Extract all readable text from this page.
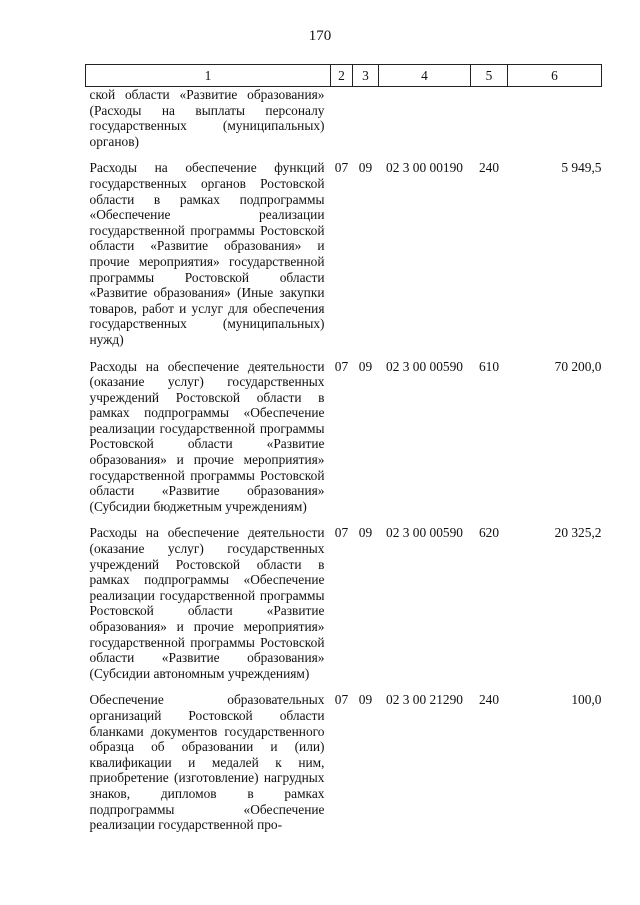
170
1	2	3	4	5	6
ской области «Развитие образования» (Расходы на выплаты персоналу государственных (муниципальных) органов)					
Расходы на обеспечение функций государственных органов Ростовской области в рамках подпрограммы «Обеспечение реализации государственной программы Ростовской области «Развитие образования» и прочие мероприятия» государственной программы Ростовской области «Развитие образования» (Иные закупки товаров, работ и услуг для обеспечения государственных (муниципальных) нужд)	07	09	02 3 00 00190	240	5 949,5
Расходы на обеспечение деятельности (оказание услуг) государственных учреждений Ростовской области в рамках подпрограммы «Обеспечение реализации государственной программы Ростовской области «Развитие образования» и прочие мероприятия» государственной программы Ростовской области «Развитие образования» (Субсидии бюджетным учреждениям)	07	09	02 3 00 00590	610	70 200,0
Расходы на обеспечение деятельности (оказание услуг) государственных учреждений Ростовской области в рамках подпрограммы «Обеспечение реализации государственной программы Ростовской области «Развитие образования» и прочие мероприятия» государственной программы Ростовской области «Развитие образования» (Субсидии автономным учреждениям)	07	09	02 3 00 00590	620	20 325,2
Обеспечение образовательных организаций Ростовской области бланками документов государственного образца об образовании и (или) квалификации и медалей к ним, приобретение (изготовление) нагрудных знаков, дипломов в рамках подпрограммы «Обеспечение реализации государственной про-	07	09	02 3 00 21290	240	100,0
